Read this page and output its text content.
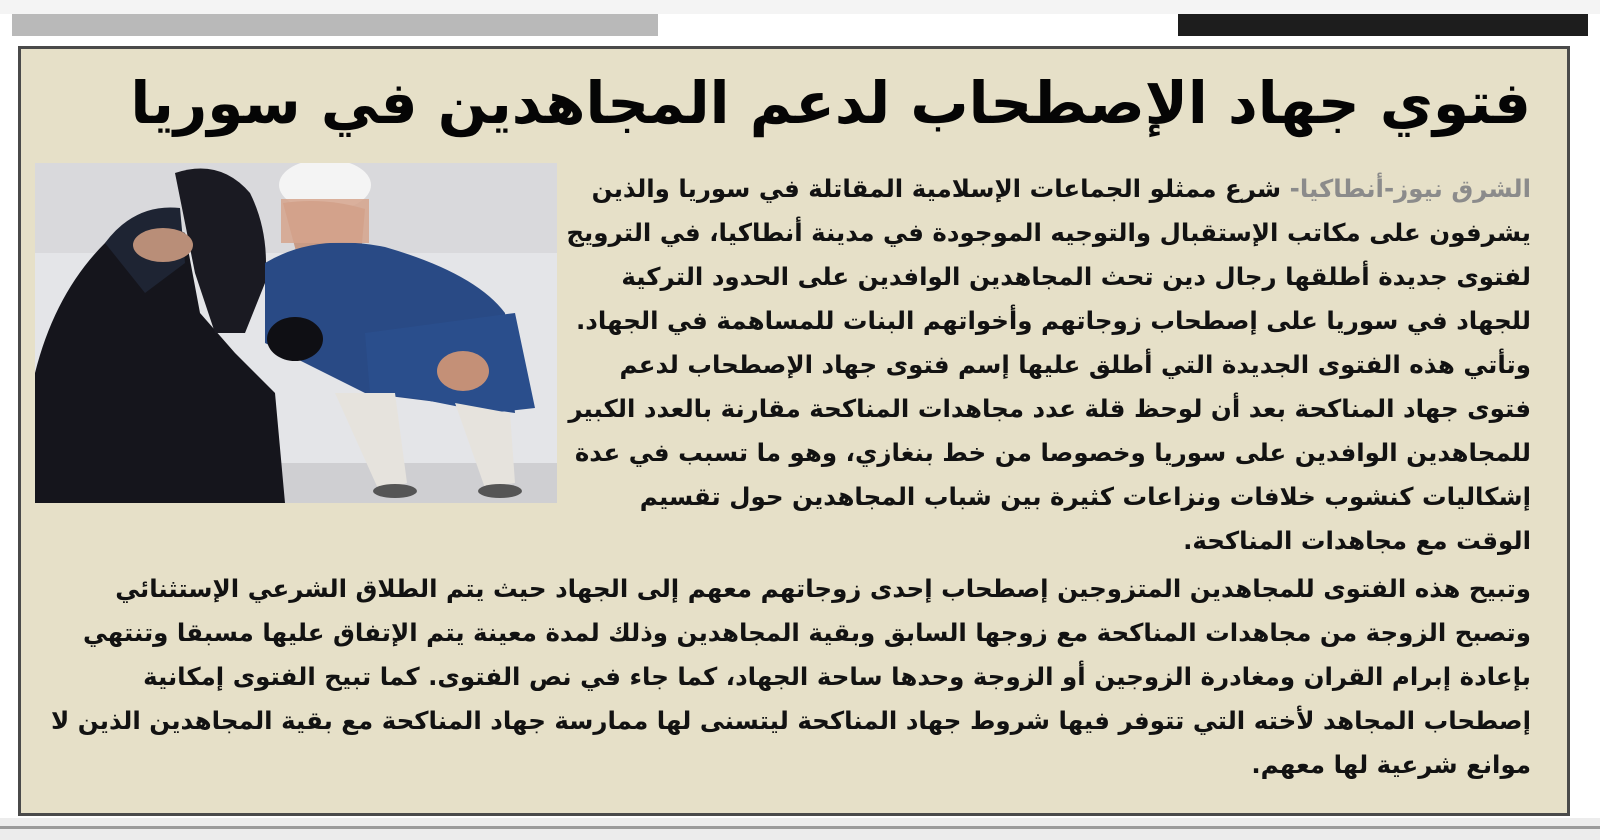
فتوي جهاد الإصطحاب لدعم المجاهدين في سوريا

الشرق نيوز-أنطاكيا- شرع ممثلو الجماعات الإسلامية المقاتلة في سوريا والذين يشرفون على مكاتب الإستقبال والتوجيه الموجودة في مدينة أنطاكيا، في الترويج لفتوى جديدة أطلقها رجال دين تحث المجاهدين الوافدين على الحدود التركية للجهاد في سوريا على إصطحاب زوجاتهم وأخواتهم البنات للمساهمة في الجهاد. وتأتي هذه الفتوى الجديدة التي أطلق عليها إسم فتوى جهاد الإصطحاب لدعم فتوى جهاد المناكحة بعد أن لوحظ قلة عدد مجاهدات المناكحة مقارنة بالعدد الكبير للمجاهدين الوافدين على سوريا وخصوصا من خط بنغازي، وهو ما تسبب في عدة إشكاليات كنشوب خلافات ونزاعات كثيرة بين شباب المجاهدين حول تقسيم الوقت مع مجاهدات المناكحة.

وتبيح هذه الفتوى للمجاهدين المتزوجين إصطحاب إحدى زوجاتهم معهم إلى الجهاد حيث يتم الطلاق الشرعي الإستثنائي وتصبح الزوجة من مجاهدات المناكحة مع زوجها السابق وبقية المجاهدين وذلك لمدة معينة يتم الإتفاق عليها مسبقا وتنتهي بإعادة إبرام القران ومغادرة الزوجين أو الزوجة وحدها ساحة الجهاد، كما جاء في نص الفتوى. كما تبيح الفتوى إمكانية إصطحاب المجاهد لأخته التي تتوفر فيها شروط جهاد المناكحة ليتسنى لها ممارسة جهاد المناكحة مع بقية المجاهدين الذين لا موانع شرعية لها معهم.
